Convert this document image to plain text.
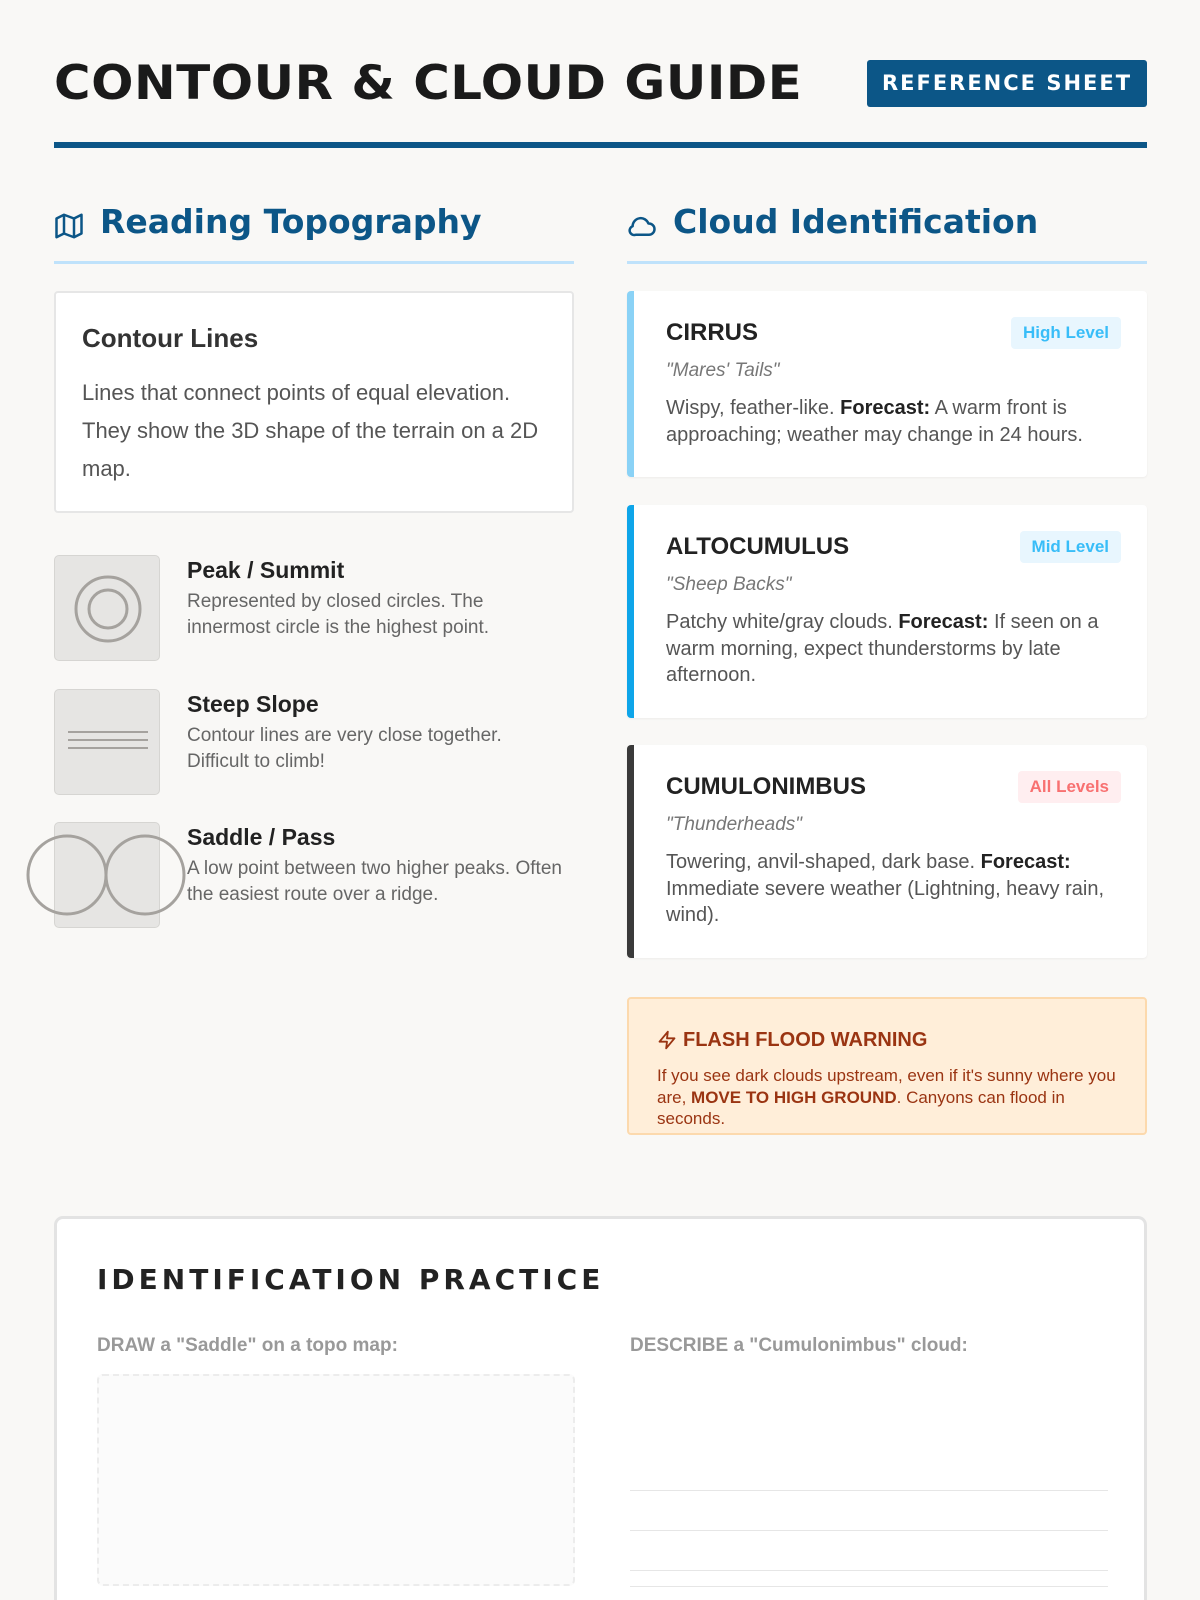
CONTOUR & CLOUD GUIDE	REFERENCE SHEET
Reading Topography	Cloud Identification
Contour Lines
Lines that connect points of equal elevation. They show the 3D shape of the terrain on a 2D map.
Peak / Summit
Represented by closed circles. The innermost circle is the highest point.
Steep Slope
Contour lines are very close together. Difficult to climb!
Saddle / Pass
A low point between two higher peaks. Often the easiest route over a ridge.
CIRRUS	High Level
"Mares' Tails"
Wispy, feather-like. Forecast: A warm front is approaching; weather may change in 24 hours.
ALTOCUMULUS	Mid Level
"Sheep Backs"
Patchy white/gray clouds. Forecast: If seen on a warm morning, expect thunderstorms by late afternoon.
CUMULONIMBUS	All Levels
"Thunderheads"
Towering, anvil-shaped, dark base. Forecast: Immediate severe weather (Lightning, heavy rain, wind).
FLASH FLOOD WARNING
If you see dark clouds upstream, even if it's sunny where you are, MOVE TO HIGH GROUND. Canyons can flood in seconds.
IDENTIFICATION PRACTICE
DRAW a "Saddle" on a topo map:	DESCRIBE a "Cumulonimbus" cloud:
